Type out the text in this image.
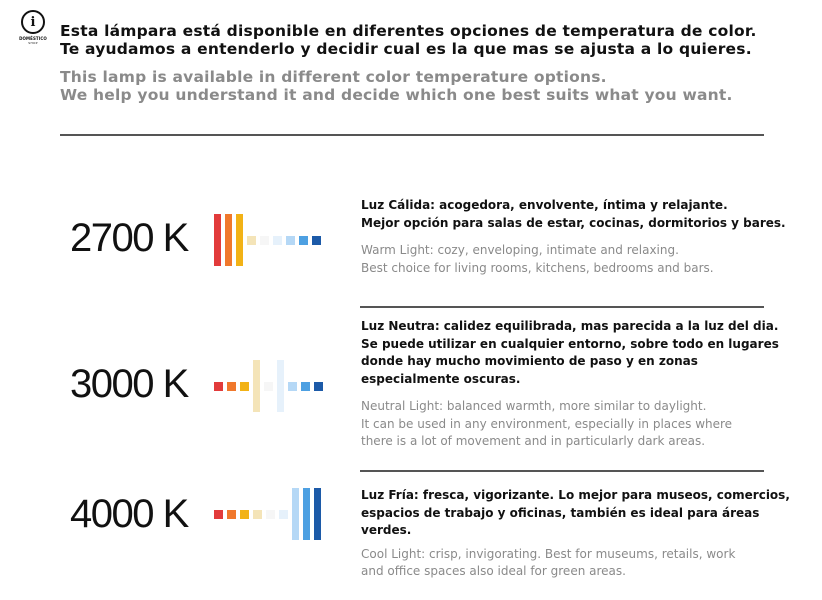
i
DOMÉSTICO
SHOP
Esta lámpara está disponible en diferentes opciones de temperatura de color.
Te ayudamos a entenderlo y decidir cual es la que mas se ajusta a lo quieres.
This lamp is available in different color temperature options.
We help you understand it and decide which one best suits what you want.
2700 K
Luz Cálida: acogedora, envolvente, íntima y relajante.
Mejor opción para salas de estar, cocinas, dormitorios y bares.
Warm Light: cozy, enveloping, intimate and relaxing.
Best choice for living rooms, kitchens, bedrooms and bars.
3000 K
Luz Neutra: calidez equilibrada, mas parecida a la luz del dia.
Se puede utilizar en cualquier entorno, sobre todo en lugares
donde hay mucho movimiento de paso y en zonas
especialmente oscuras.
Neutral Light: balanced warmth, more similar to daylight.
It can be used in any environment, especially in places where
there is a lot of movement and in particularly dark areas.
4000 K	Luz Fría: fresca, vigorizante. Lo mejor para museos, comercios,
espacios de trabajo y oficinas, también es ideal para áreas
verdes.
Cool Light: crisp, invigorating. Best for museums, retails, work
and office spaces also ideal for green areas.
